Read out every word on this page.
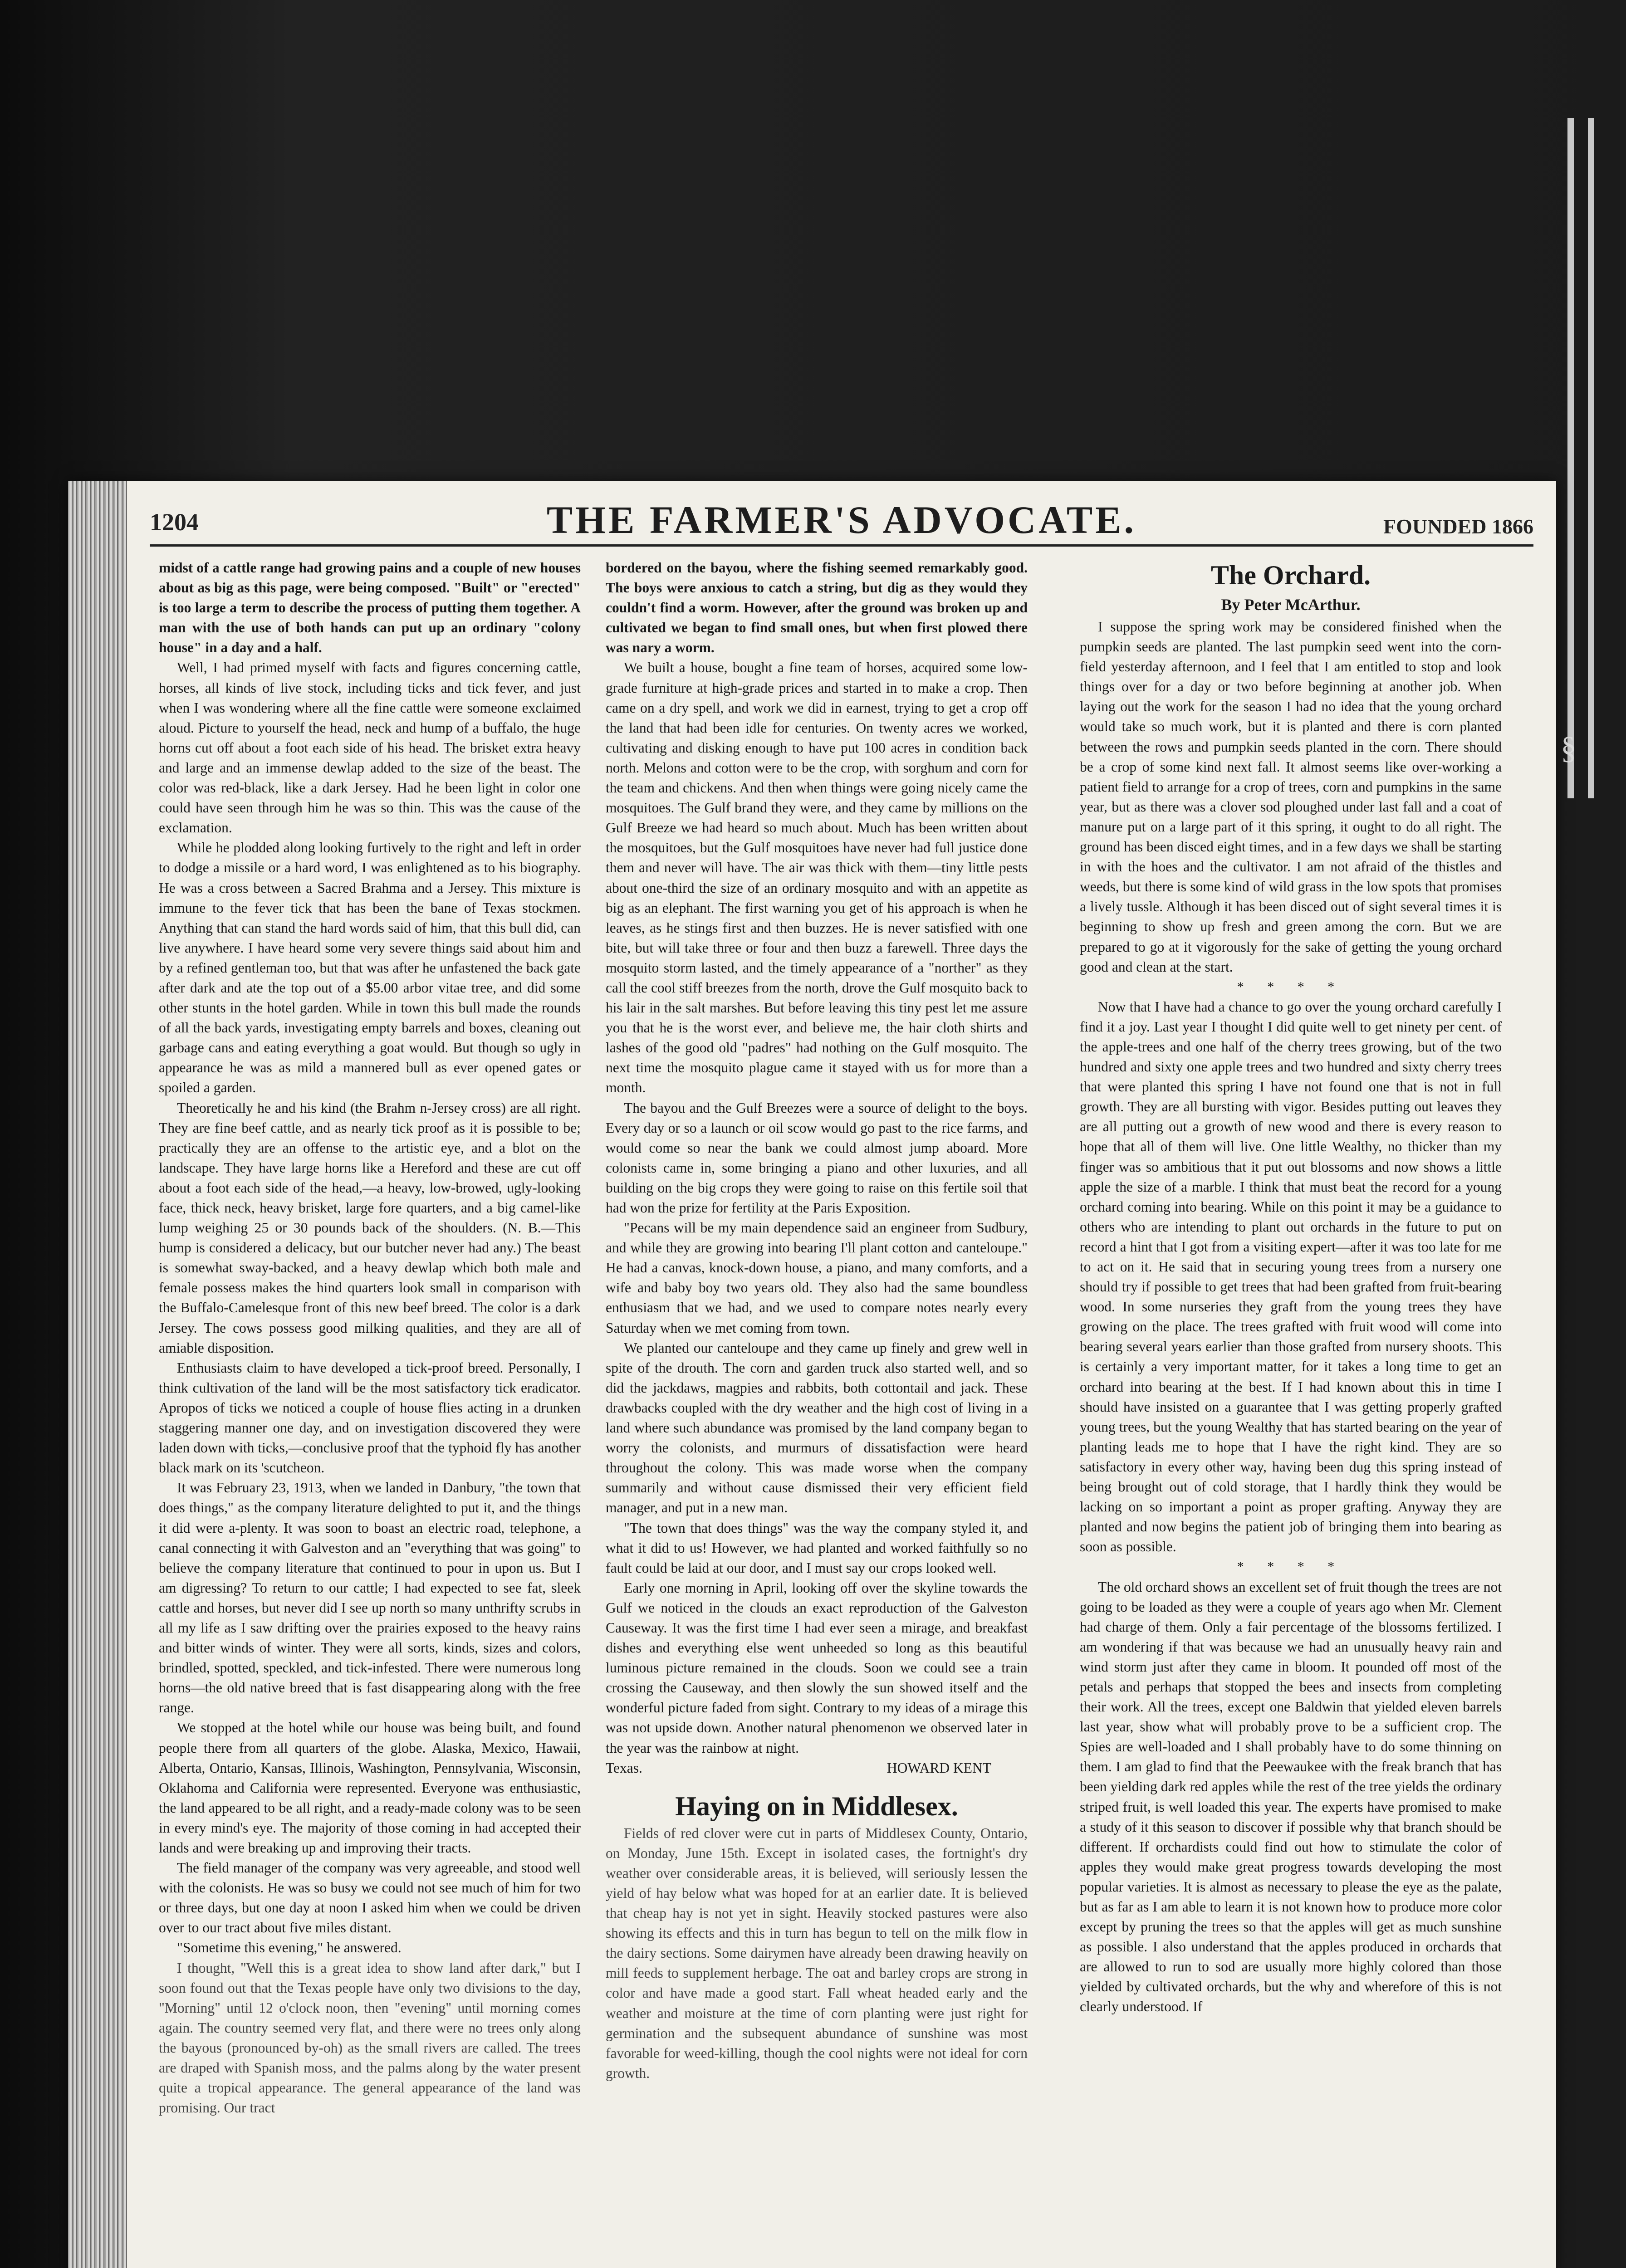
§
1204	THE FARMER'S ADVOCATE.	FOUNDED 1866

midst of a cattle range had growing pains and a couple of new houses about as big as this page, were being composed. "Built" or "erected" is too large a term to describe the process of putting them together. A man with the use of both hands can put up an ordinary "colony house" in a day and a half.

Well, I had primed myself with facts and figures concerning cattle, horses, all kinds of live stock, including ticks and tick fever, and just when I was wondering where all the fine cattle were someone exclaimed aloud. Picture to yourself the head, neck and hump of a buffalo, the huge horns cut off about a foot each side of his head. The brisket extra heavy and large and an immense dewlap added to the size of the beast. The color was red-black, like a dark Jersey. Had he been light in color one could have seen through him he was so thin. This was the cause of the exclamation.

While he plodded along looking furtively to the right and left in order to dodge a missile or a hard word, I was enlightened as to his biography. He was a cross between a Sacred Brahma and a Jersey. This mixture is immune to the fever tick that has been the bane of Texas stockmen. Anything that can stand the hard words said of him, that this bull did, can live anywhere. I have heard some very severe things said about him and by a refined gentleman too, but that was after he unfastened the back gate after dark and ate the top out of a $5.00 arbor vitae tree, and did some other stunts in the hotel garden. While in town this bull made the rounds of all the back yards, investigating empty barrels and boxes, cleaning out garbage cans and eating everything a goat would. But though so ugly in appearance he was as mild a mannered bull as ever opened gates or spoiled a garden.

Theoretically he and his kind (the Brahm n-Jersey cross) are all right. They are fine beef cattle, and as nearly tick proof as it is possible to be; practically they are an offense to the artistic eye, and a blot on the landscape. They have large horns like a Hereford and these are cut off about a foot each side of the head,—a heavy, low-browed, ugly-looking face, thick neck, heavy brisket, large fore quarters, and a big camel-like lump weighing 25 or 30 pounds back of the shoulders. (N. B.—This hump is considered a delicacy, but our butcher never had any.) The beast is somewhat sway-backed, and a heavy dewlap which both male and female possess makes the hind quarters look small in comparison with the Buffalo-Camelesque front of this new beef breed. The color is a dark Jersey. The cows possess good milking qualities, and they are all of amiable disposition.

Enthusiasts claim to have developed a tick-proof breed. Personally, I think cultivation of the land will be the most satisfactory tick eradicator. Apropos of ticks we noticed a couple of house flies acting in a drunken staggering manner one day, and on investigation discovered they were laden down with ticks,—conclusive proof that the typhoid fly has another black mark on its 'scutcheon.

It was February 23, 1913, when we landed in Danbury, "the town that does things," as the company literature delighted to put it, and the things it did were a-plenty. It was soon to boast an electric road, telephone, a canal connecting it with Galveston and an "everything that was going" to believe the company literature that continued to pour in upon us. But I am digressing? To return to our cattle; I had expected to see fat, sleek cattle and horses, but never did I see up north so many unthrifty scrubs in all my life as I saw drifting over the prairies exposed to the heavy rains and bitter winds of winter. They were all sorts, kinds, sizes and colors, brindled, spotted, speckled, and tick-infested. There were numerous long horns—the old native breed that is fast disappearing along with the free range.

We stopped at the hotel while our house was being built, and found people there from all quarters of the globe. Alaska, Mexico, Hawaii, Alberta, Ontario, Kansas, Illinois, Washington, Pennsylvania, Wisconsin, Oklahoma and California were represented. Everyone was enthusiastic, the land appeared to be all right, and a ready-made colony was to be seen in every mind's eye. The majority of those coming in had accepted their lands and were breaking up and improving their tracts.

The field manager of the company was very agreeable, and stood well with the colonists. He was so busy we could not see much of him for two or three days, but one day at noon I asked him when we could be driven over to our tract about five miles distant.

"Sometime this evening," he answered.

I thought, "Well this is a great idea to show land after dark," but I soon found out that the Texas people have only two divisions to the day, "Morning" until 12 o'clock noon, then "evening" until morning comes again. The country seemed very flat, and there were no trees only along the bayous (pronounced by-oh) as the small rivers are called. The trees are draped with Spanish moss, and the palms along by the water present quite a tropical appearance. The general appearance of the land was promising. Our tract

bordered on the bayou, where the fishing seemed remarkably good. The boys were anxious to catch a string, but dig as they would they couldn't find a worm. However, after the ground was broken up and cultivated we began to find small ones, but when first plowed there was nary a worm.

We built a house, bought a fine team of horses, acquired some low-grade furniture at high-grade prices and started in to make a crop. Then came on a dry spell, and work we did in earnest, trying to get a crop off the land that had been idle for centuries. On twenty acres we worked, cultivating and disking enough to have put 100 acres in condition back north. Melons and cotton were to be the crop, with sorghum and corn for the team and chickens. And then when things were going nicely came the mosquitoes. The Gulf brand they were, and they came by millions on the Gulf Breeze we had heard so much about. Much has been written about the mosquitoes, but the Gulf mosquitoes have never had full justice done them and never will have. The air was thick with them—tiny little pests about one-third the size of an ordinary mosquito and with an appetite as big as an elephant. The first warning you get of his approach is when he leaves, as he stings first and then buzzes. He is never satisfied with one bite, but will take three or four and then buzz a farewell. Three days the mosquito storm lasted, and the timely appearance of a "norther" as they call the cool stiff breezes from the north, drove the Gulf mosquito back to his lair in the salt marshes. But before leaving this tiny pest let me assure you that he is the worst ever, and believe me, the hair cloth shirts and lashes of the good old "padres" had nothing on the Gulf mosquito. The next time the mosquito plague came it stayed with us for more than a month.

The bayou and the Gulf Breezes were a source of delight to the boys. Every day or so a launch or oil scow would go past to the rice farms, and would come so near the bank we could almost jump aboard. More colonists came in, some bringing a piano and other luxuries, and all building on the big crops they were going to raise on this fertile soil that had won the prize for fertility at the Paris Exposition.

"Pecans will be my main dependence said an engineer from Sudbury, and while they are growing into bearing I'll plant cotton and canteloupe." He had a canvas, knock-down house, a piano, and many comforts, and a wife and baby boy two years old. They also had the same boundless enthusiasm that we had, and we used to compare notes nearly every Saturday when we met coming from town.

We planted our canteloupe and they came up finely and grew well in spite of the drouth. The corn and garden truck also started well, and so did the jackdaws, magpies and rabbits, both cottontail and jack. These drawbacks coupled with the dry weather and the high cost of living in a land where such abundance was promised by the land company began to worry the colonists, and murmurs of dissatisfaction were heard throughout the colony. This was made worse when the company summarily and without cause dismissed their very efficient field manager, and put in a new man.

"The town that does things" was the way the company styled it, and what it did to us! However, we had planted and worked faithfully so no fault could be laid at our door, and I must say our crops looked well.

Early one morning in April, looking off over the skyline towards the Gulf we noticed in the clouds an exact reproduction of the Galveston Causeway. It was the first time I had ever seen a mirage, and breakfast dishes and everything else went unheeded so long as this beautiful luminous picture remained in the clouds. Soon we could see a train crossing the Causeway, and then slowly the sun showed itself and the wonderful picture faded from sight. Contrary to my ideas of a mirage this was not upside down. Another natural phenomenon we observed later in the year was the rainbow at night.

Texas.	HOWARD KENT

Haying on in Middlesex.

Fields of red clover were cut in parts of Middlesex County, Ontario, on Monday, June 15th. Except in isolated cases, the fortnight's dry weather over considerable areas, it is believed, will seriously lessen the yield of hay below what was hoped for at an earlier date. It is believed that cheap hay is not yet in sight. Heavily stocked pastures were also showing its effects and this in turn has begun to tell on the milk flow in the dairy sections. Some dairymen have already been drawing heavily on mill feeds to supplement herbage. The oat and barley crops are strong in color and have made a good start. Fall wheat headed early and the weather and moisture at the time of corn planting were just right for germination and the subsequent abundance of sunshine was most favorable for weed-killing, though the cool nights were not ideal for corn growth.

The Orchard.

By Peter McArthur.

I suppose the spring work may be considered finished when the pumpkin seeds are planted. The last pumpkin seed went into the corn-field yesterday afternoon, and I feel that I am entitled to stop and look things over for a day or two before beginning at another job. When laying out the work for the season I had no idea that the young orchard would take so much work, but it is planted and there is corn planted between the rows and pumpkin seeds planted in the corn. There should be a crop of some kind next fall. It almost seems like over-working a patient field to arrange for a crop of trees, corn and pumpkins in the same year, but as there was a clover sod ploughed under last fall and a coat of manure put on a large part of it this spring, it ought to do all right. The ground has been disced eight times, and in a few days we shall be starting in with the hoes and the cultivator. I am not afraid of the thistles and weeds, but there is some kind of wild grass in the low spots that promises a lively tussle. Although it has been disced out of sight several times it is beginning to show up fresh and green among the corn. But we are prepared to go at it vigorously for the sake of getting the young orchard good and clean at the start.

* * * *

Now that I have had a chance to go over the young orchard carefully I find it a joy. Last year I thought I did quite well to get ninety per cent. of the apple-trees and one half of the cherry trees growing, but of the two hundred and sixty one apple trees and two hundred and sixty cherry trees that were planted this spring I have not found one that is not in full growth. They are all bursting with vigor. Besides putting out leaves they are all putting out a growth of new wood and there is every reason to hope that all of them will live. One little Wealthy, no thicker than my finger was so ambitious that it put out blossoms and now shows a little apple the size of a marble. I think that must beat the record for a young orchard coming into bearing. While on this point it may be a guidance to others who are intending to plant out orchards in the future to put on record a hint that I got from a visiting expert—after it was too late for me to act on it. He said that in securing young trees from a nursery one should try if possible to get trees that had been grafted from fruit-bearing wood. In some nurseries they graft from the young trees they have growing on the place. The trees grafted with fruit wood will come into bearing several years earlier than those grafted from nursery shoots. This is certainly a very important matter, for it takes a long time to get an orchard into bearing at the best. If I had known about this in time I should have insisted on a guarantee that I was getting properly grafted young trees, but the young Wealthy that has started bearing on the year of planting leads me to hope that I have the right kind. They are so satisfactory in every other way, having been dug this spring instead of being brought out of cold storage, that I hardly think they would be lacking on so important a point as proper grafting. Anyway they are planted and now begins the patient job of bringing them into bearing as soon as possible.

* * * *

The old orchard shows an excellent set of fruit though the trees are not going to be loaded as they were a couple of years ago when Mr. Clement had charge of them. Only a fair percentage of the blossoms fertilized. I am wondering if that was because we had an unusually heavy rain and wind storm just after they came in bloom. It pounded off most of the petals and perhaps that stopped the bees and insects from completing their work. All the trees, except one Baldwin that yielded eleven barrels last year, show what will probably prove to be a sufficient crop. The Spies are well-loaded and I shall probably have to do some thinning on them. I am glad to find that the Peewaukee with the freak branch that has been yielding dark red apples while the rest of the tree yields the ordinary striped fruit, is well loaded this year. The experts have promised to make a study of it this season to discover if possible why that branch should be different. If orchardists could find out how to stimulate the color of apples they would make great progress towards developing the most popular varieties. It is almost as necessary to please the eye as the palate, but as far as I am able to learn it is not known how to produce more color except by pruning the trees so that the apples will get as much sunshine as possible. I also understand that the apples produced in orchards that are allowed to run to sod are usually more highly colored than those yielded by cultivated orchards, but the why and wherefore of this is not clearly understood. If
